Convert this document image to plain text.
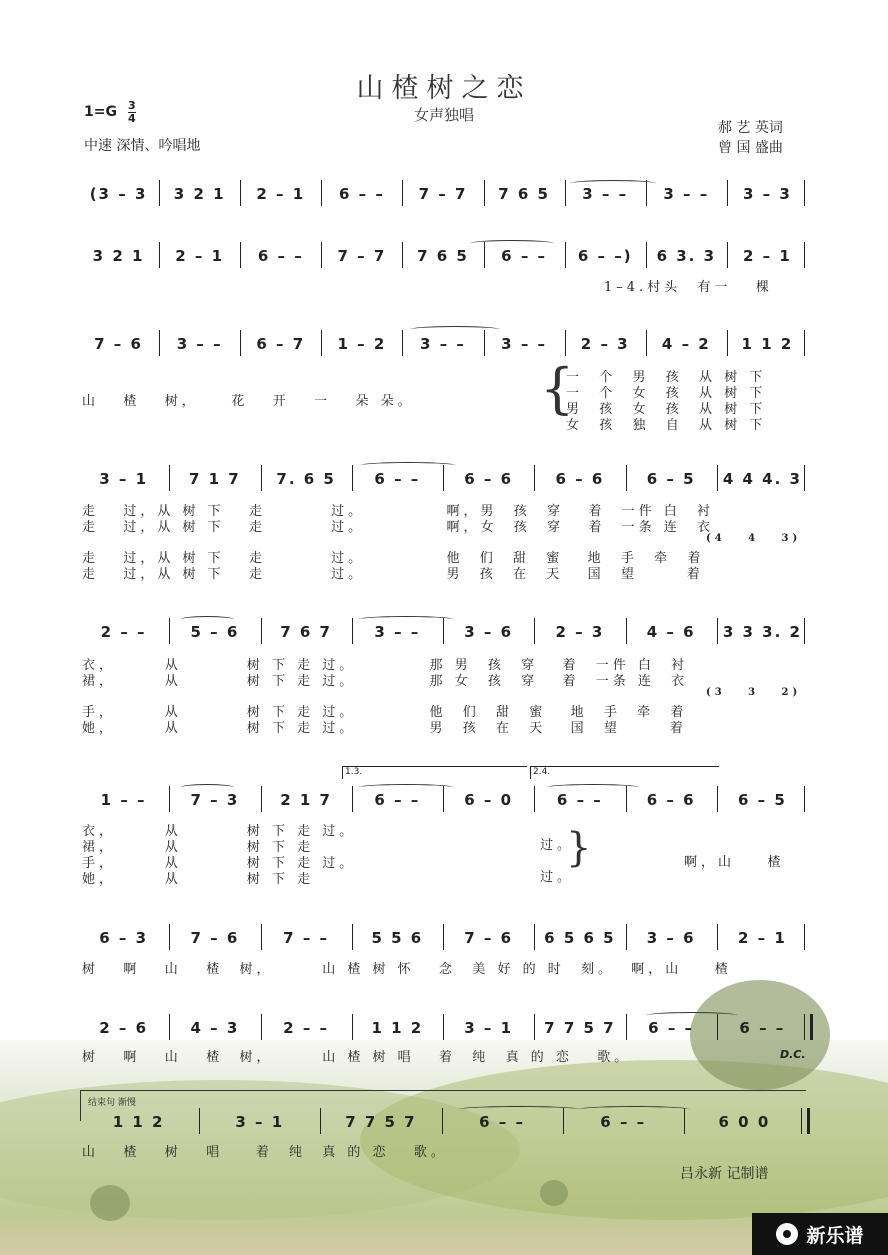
山楂树之恋
女声独唱
$1=G \frac{3}{4}$
中速 深情、吟唱地
郝 艺 英词
曾 国 盛曲
(3 – 3	3 2 1	2 – 1	6 – –	7 – 7	7 6 5	3 – –	3 – –	3 – 3
3 2 1	2 – 1	6 – –	7 – 7	7 6 5	6 – –	6 – –)	6 3. 3	2 – 1
7 – 6	3 – –	6 – 7	1 – 2	3 – –	3 – –	2 – 3	4 – 2	1 1 2
3 – 1	7 1 7	7. 6 5	6 – –	6 – 6	6 – 6	6 – 5	4 4 4. 3
2 – –	5 – 6	7 6 7	3 – –	3 – 6	2 – 3	4 – 6	3 3 3. 2
1 – –	7 – 3	2 1 7	6 – –	6 – 0	6 – –	6 – 6	6 – 5
6 – 3	7 – 6	7 – –	5 5 6	7 – 6	6 5 6 5	3 – 6	2 – 1
2 – 6	4 – 3	2 – –	1 1 2	3 – 1	7 7 5 7	6 – –	6 – –
1 1 2	3 – 1	7 7 5 7	6 – –	6 – –	6 0 0
1–4.村头  有一   棵
山   楂   树，    花   开   一   朵 朵。 {
一  个  男  孩  从 树 下
一  个  女  孩  从 树 下
男  孩  女  孩  从 树 下
女  孩  独  自  从 树 下
走   过，从 树 下   走        过。          啊，男  孩  穿   着  一件 白  衬
走   过，从 树 下   走        过。          啊，女  孩  穿   着  一条 连  衣
(4   4   3)
走   过，从 树 下   走        过。          他  们  甜  蜜   地  手  牵  着
走   过，从 树 下   走        过。          男  孩  在  天   国  望      着
衣，      从        树 下 走 过。         那 男  孩  穿   着  一件 白  衬
裙，      从        树 下 走 过。         那 女  孩  穿   着  一条 连  衣
(3   3   2)
手，      从        树 下 走 过。         他  们  甜  蜜   地  手  牵  着
她，      从        树 下 走 过。         男  孩  在  天   国  望      着
1.3.	2.4.
衣，      从        树 下 走 过。
裙，      从        树 下 走
手，      从        树 下 走 过。
她，      从        树 下 走
过。
过。
}	啊，山    楂
树   啊   山   楂  树，      山 楂 树 怀   念  美 好 的 时  刻。  啊，山    楂
树   啊   山   楂  树，      山 楂 树 唱   着  纯  真 的 恋   歌。	D.C.
结束句 渐慢
山   楂   树   唱    着  纯  真 的 恋   歌。
吕永新 记制谱
新乐谱
